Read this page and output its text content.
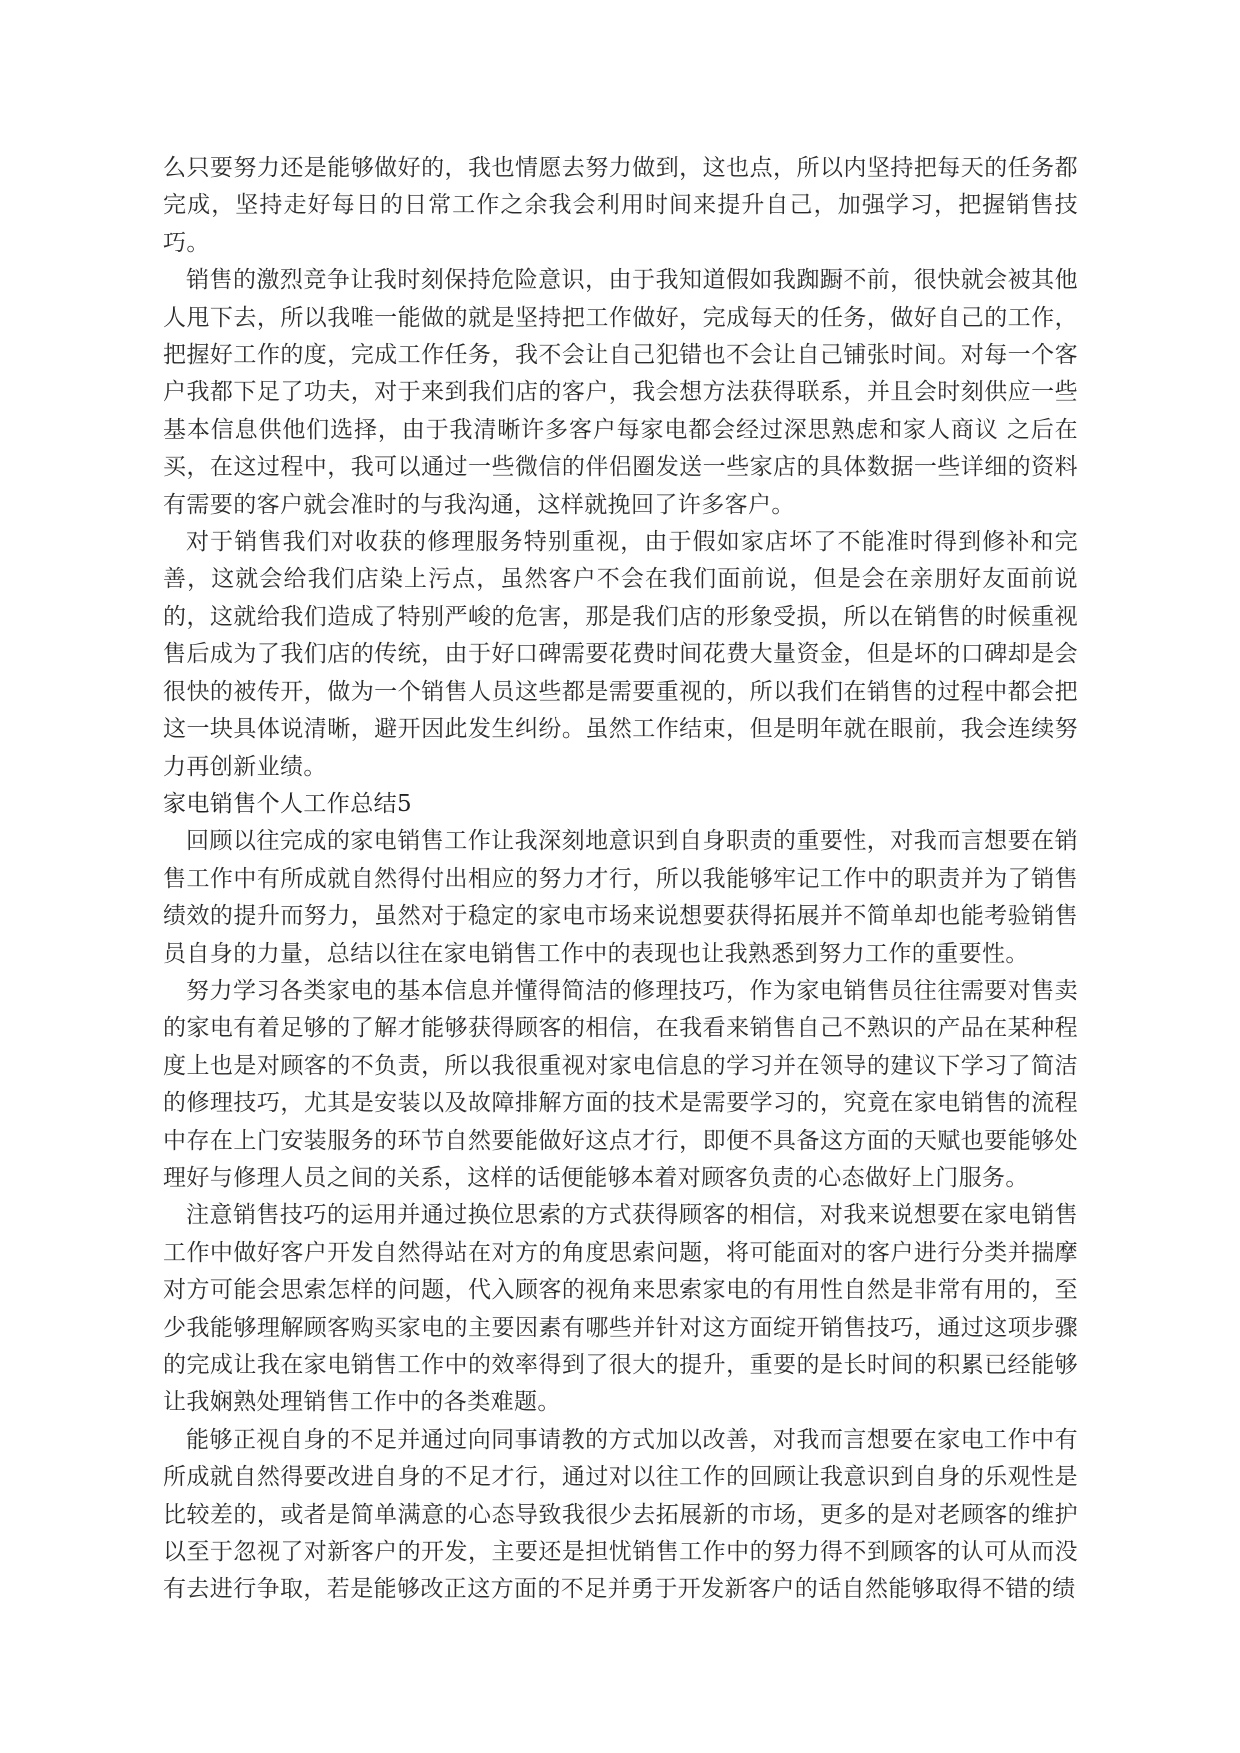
么只要努力还是能够做好的，我也情愿去努力做到，这也点，所以内坚持把每天的任务都完成，坚持走好每日的日常工作之余我会利用时间来提升自己，加强学习，把握销售技巧。

销售的激烈竞争让我时刻保持危险意识，由于我知道假如我踟蹰不前，很快就会被其他人甩下去，所以我唯一能做的就是坚持把工作做好，完成每天的任务，做好自己的工作，把握好工作的度，完成工作任务，我不会让自己犯错也不会让自己铺张时间。对每一个客户我都下足了功夫，对于来到我们店的客户，我会想方法获得联系，并且会时刻供应一些基本信息供他们选择，由于我清晰许多客户每家电都会经过深思熟虑和家人商议 之后在买，在这过程中，我可以通过一些微信的伴侣圈发送一些家店的具体数据一些详细的资料有需要的客户就会准时的与我沟通，这样就挽回了许多客户。

对于销售我们对收获的修理服务特别重视，由于假如家店坏了不能准时得到修补和完善，这就会给我们店染上污点，虽然客户不会在我们面前说，但是会在亲朋好友面前说的，这就给我们造成了特别严峻的危害，那是我们店的形象受损，所以在销售的时候重视售后成为了我们店的传统，由于好口碑需要花费时间花费大量资金，但是坏的口碑却是会很快的被传开，做为一个销售人员这些都是需要重视的，所以我们在销售的过程中都会把这一块具体说清晰，避开因此发生纠纷。虽然工作结束，但是明年就在眼前，我会连续努力再创新业绩。

家电销售个人工作总结5

回顾以往完成的家电销售工作让我深刻地意识到自身职责的重要性，对我而言想要在销售工作中有所成就自然得付出相应的努力才行，所以我能够牢记工作中的职责并为了销售绩效的提升而努力，虽然对于稳定的家电市场来说想要获得拓展并不简单却也能考验销售员自身的力量，总结以往在家电销售工作中的表现也让我熟悉到努力工作的重要性。

努力学习各类家电的基本信息并懂得简洁的修理技巧，作为家电销售员往往需要对售卖的家电有着足够的了解才能够获得顾客的相信，在我看来销售自己不熟识的产品在某种程度上也是对顾客的不负责，所以我很重视对家电信息的学习并在领导的建议下学习了简洁的修理技巧，尤其是安装以及故障排解方面的技术是需要学习的，究竟在家电销售的流程中存在上门安装服务的环节自然要能做好这点才行，即便不具备这方面的天赋也要能够处理好与修理人员之间的关系，这样的话便能够本着对顾客负责的心态做好上门服务。

注意销售技巧的运用并通过换位思索的方式获得顾客的相信，对我来说想要在家电销售工作中做好客户开发自然得站在对方的角度思索问题，将可能面对的客户进行分类并揣摩对方可能会思索怎样的问题，代入顾客的视角来思索家电的有用性自然是非常有用的，至少我能够理解顾客购买家电的主要因素有哪些并针对这方面绽开销售技巧，通过这项步骤的完成让我在家电销售工作中的效率得到了很大的提升，重要的是长时间的积累已经能够让我娴熟处理销售工作中的各类难题。

能够正视自身的不足并通过向同事请教的方式加以改善，对我而言想要在家电工作中有所成就自然得要改进自身的不足才行，通过对以往工作的回顾让我意识到自身的乐观性是比较差的，或者是简单满意的心态导致我很少去拓展新的市场，更多的是对老顾客的维护以至于忽视了对新客户的开发，主要还是担忧销售工作中的努力得不到顾客的认可从而没有去进行争取，若是能够改正这方面的不足并勇于开发新客户的话自然能够取得不错的绩
